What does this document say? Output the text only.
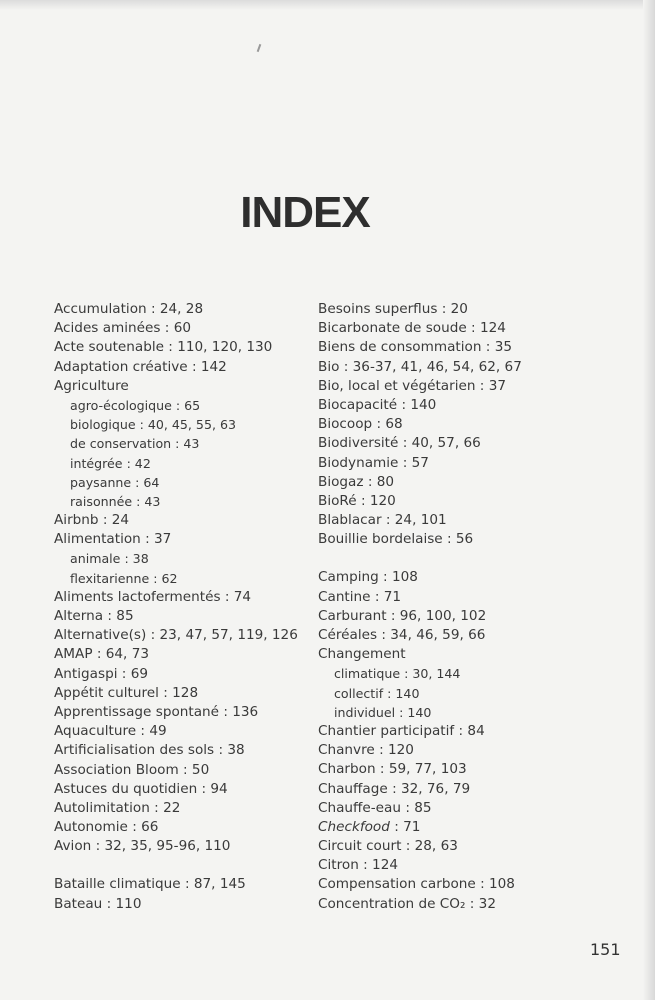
INDEX
Accumulation : 24, 28
Acides aminées : 60
Acte soutenable : 110, 120, 130
Adaptation créative : 142
Agriculture
agro-écologique : 65
biologique : 40, 45, 55, 63
de conservation : 43
intégrée : 42
paysanne : 64
raisonnée : 43
Airbnb : 24
Alimentation : 37
animale : 38
flexitarienne : 62
Aliments lactofermentés : 74
Alterna : 85
Alternative(s) : 23, 47, 57, 119, 126
AMAP : 64, 73
Antigaspi : 69
Appétit culturel : 128
Apprentissage spontané : 136
Aquaculture : 49
Artificialisation des sols : 38
Association Bloom : 50
Astuces du quotidien : 94
Autolimitation : 22
Autonomie : 66
Avion : 32, 35, 95-96, 110
Bataille climatique : 87, 145
Bateau : 110
Besoins superflus : 20
Bicarbonate de soude : 124
Biens de consommation : 35
Bio : 36-37, 41, 46, 54, 62, 67
Bio, local et végétarien : 37
Biocapacité : 140
Biocoop : 68
Biodiversité : 40, 57, 66
Biodynamie : 57
Biogaz : 80
BioRé : 120
Blablacar : 24, 101
Bouillie bordelaise : 56
Camping : 108
Cantine : 71
Carburant : 96, 100, 102
Céréales : 34, 46, 59, 66
Changement
climatique : 30, 144
collectif : 140
individuel : 140
Chantier participatif : 84
Chanvre : 120
Charbon : 59, 77, 103
Chauffage : 32, 76, 79
Chauffe-eau : 85
Checkfood : 71
Circuit court : 28, 63
Citron : 124
Compensation carbone : 108
Concentration de CO₂ : 32
151
